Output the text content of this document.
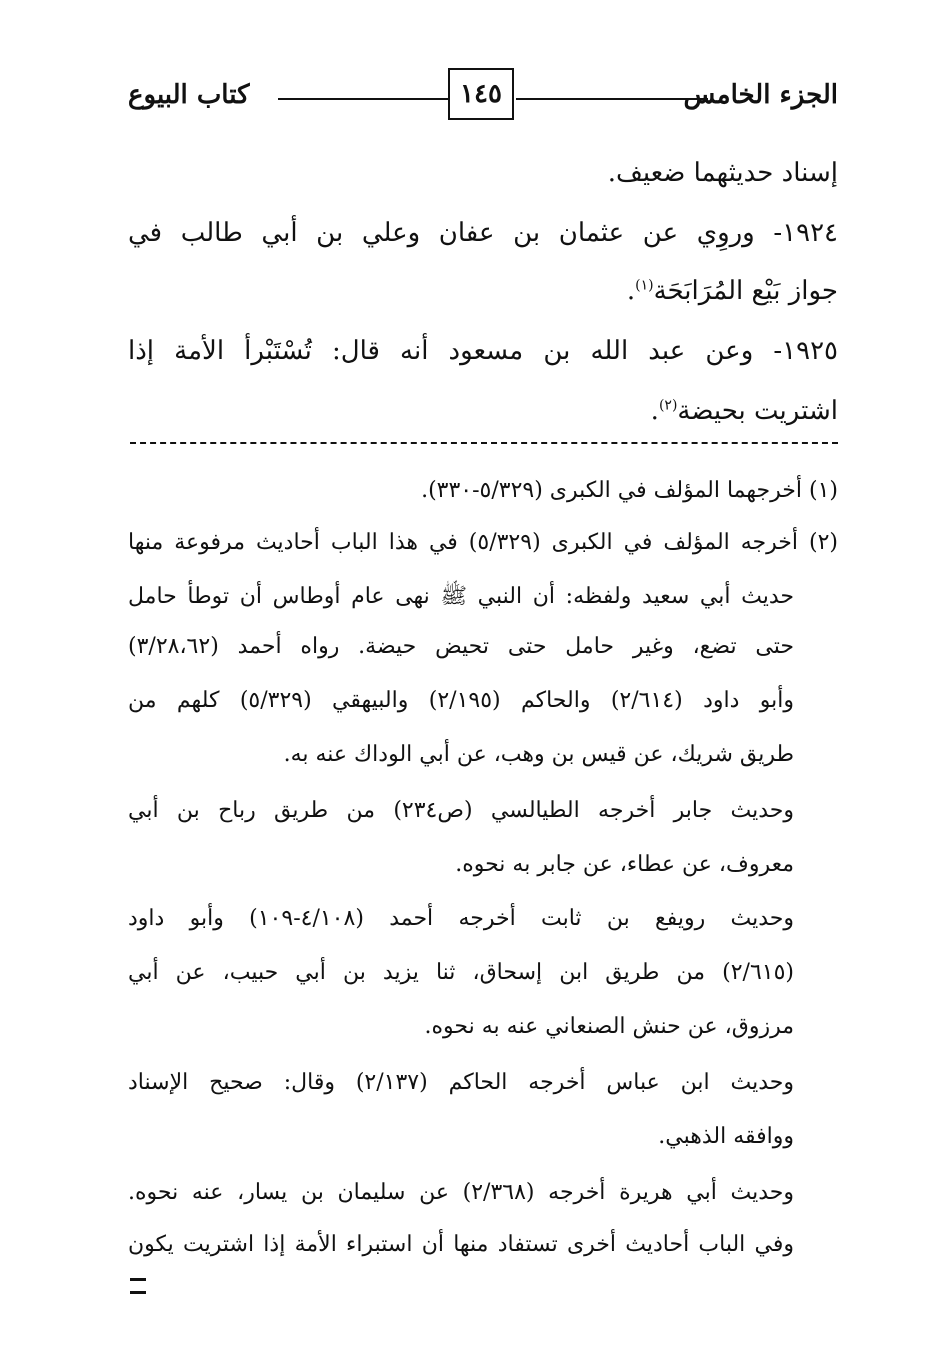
كتاب البيوع	١٤٥	الجزء الخامس
إسناد حديثهما ضعيف.
١٩٢٤- وروِي عن عثمان بن عفان وعلي بن أبي طالب في
جواز بَيْع المُرَابَحَة$^{(١)}$.
١٩٢٥- وعن عبد الله بن مسعود أنه قال: تُسْتَبْرأ الأمة إذا
اشتريت بحيضة$^{(٢)}$.
(١) أخرجهما المؤلف في الكبرى (٥/٣٢٩-٣٣٠).
(٢) أخرجه المؤلف في الكبرى (٥/٣٢٩) في هذا الباب أحاديث مرفوعة منها
حديث أبي سعيد ولفظه: أن النبي ﷺ نهى عام أوطاس أن توطأ حامل
حتى تضع، وغير حامل حتى تحيض حيضة. رواه أحمد (٣/٢٨،٦٢)
وأبو داود (٢/٦١٤) والحاكم (٢/١٩٥) والبيهقي (٥/٣٢٩) كلهم من
طريق شريك، عن قيس بن وهب، عن أبي الوداك عنه به.
وحديث جابر أخرجه الطيالسي (ص٢٣٤) من طريق رباح بن أبي
معروف، عن عطاء، عن جابر به نحوه.
وحديث رويفع بن ثابت أخرجه أحمد (٤/١٠٨-١٠٩) وأبو داود
(٢/٦١٥) من طريق ابن إسحاق، ثنا يزيد بن أبي حبيب، عن أبي
مرزوق، عن حنش الصنعاني عنه به نحوه.
وحديث ابن عباس أخرجه الحاكم (٢/١٣٧) وقال: صحيح الإسناد
ووافقه الذهبي.
وحديث أبي هريرة أخرجه (٢/٣٦٨) عن سليمان بن يسار، عنه نحوه.
وفي الباب أحاديث أخرى تستفاد منها أن استبراء الأمة إذا اشتريت يكون
